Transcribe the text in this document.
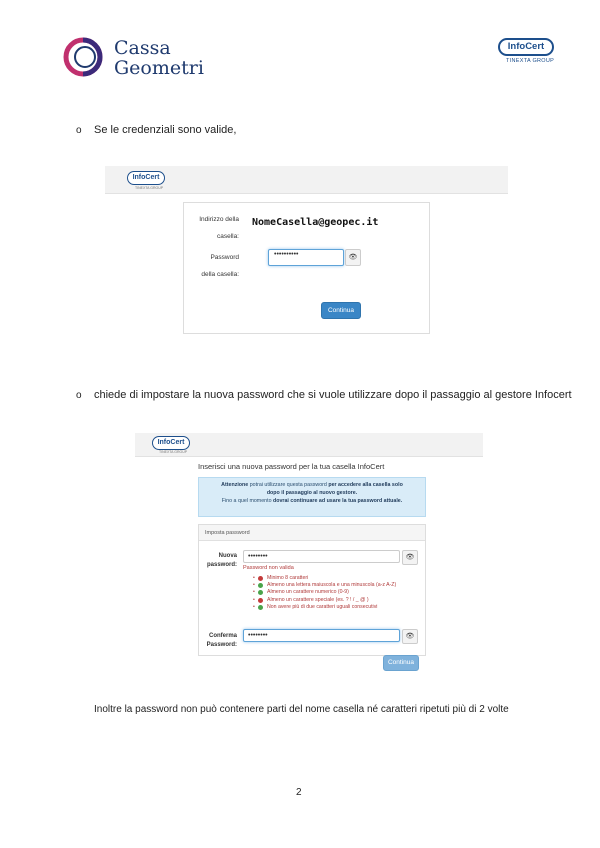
Cassa
Geometri
InfoCert
TINEXTA GROUP
o Se le credenziali sono valide,
InfoCert
TINEXTA GROUP
Indirizzo della
casella:
NomeCasella@geopec.it
Password
della casella:
••••••••••	👁
Continua
o chiede di impostare la nuova password che si vuole utilizzare dopo il passaggio al gestore Infocert
InfoCert
TINEXTA GROUP
Inserisci una nuova password per la tua casella InfoCert
Attenzione potrai utilizzare questa password per accedere alla casella solo
dopo il passaggio al nuovo gestore.
Fino a quel momento dovrai continuare ad usare la tua password attuale.
Imposta password
Nuova
password:
••••••••	👁
Password non valida
• Minimo 8 caratteri
• Almeno una lettera maiuscola e una minuscola (a-z A-Z)
• Almeno un carattere numerico (0-9)
• Almeno un carattere speciale (es. ? ! / _ @ )
• Non avere più di due caratteri uguali consecutivi
Conferma
Password:
••••••••	👁
Continua
Inoltre la password non può contenere parti del nome casella né caratteri ripetuti più di 2 volte
2
